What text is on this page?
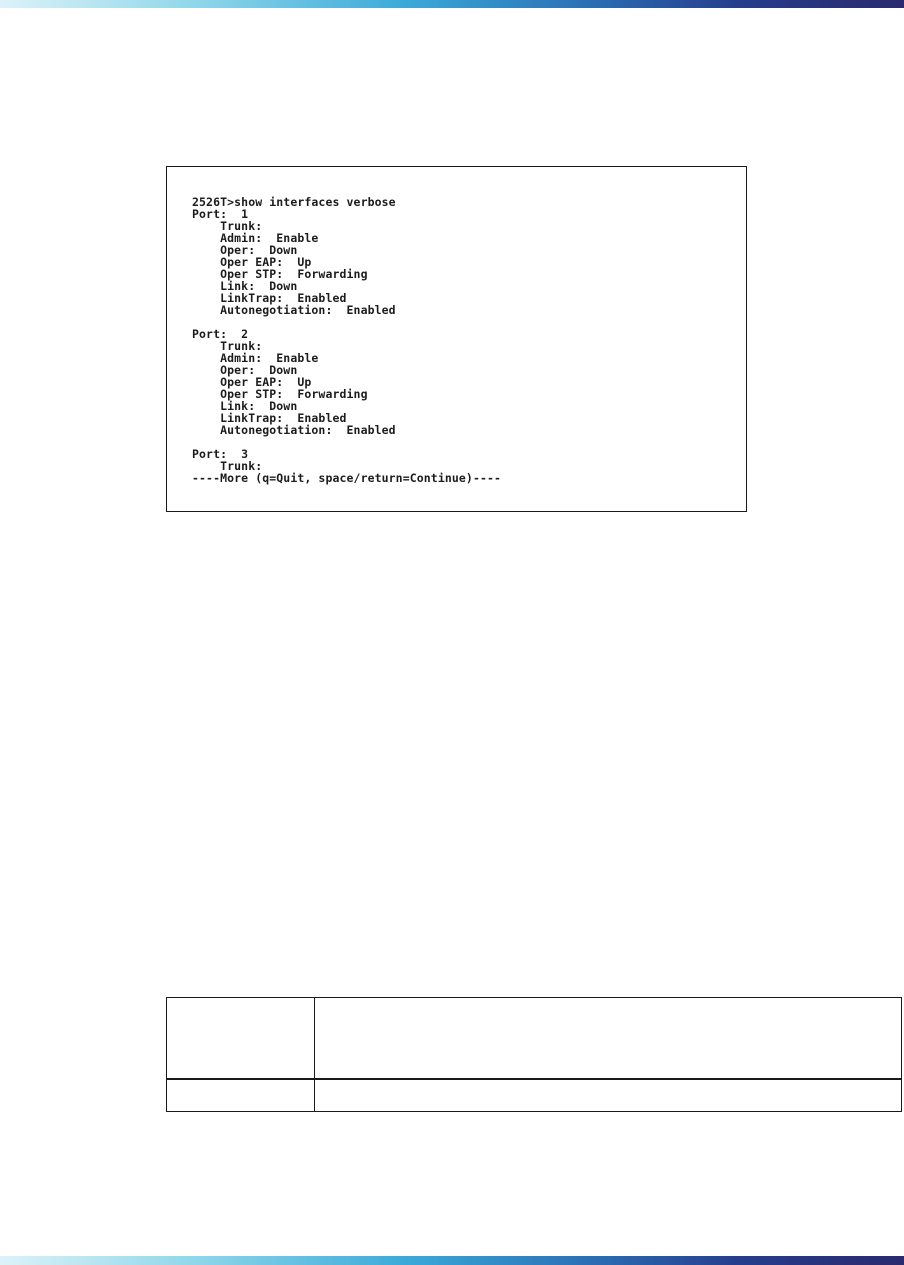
2526T>show interfaces verbose
Port:  1
Trunk:
Admin:  Enable
Oper:  Down
Oper EAP:  Up
Oper STP:  Forwarding
Link:  Down
LinkTrap:  Enabled
Autonegotiation:  Enabled
Port:  2
Trunk:
Admin:  Enable
Oper:  Down
Oper EAP:  Up
Oper STP:  Forwarding
Link:  Down
LinkTrap:  Enabled
Autonegotiation:  Enabled
Port:  3
Trunk:
----More (q=Quit, space/return=Continue)----
